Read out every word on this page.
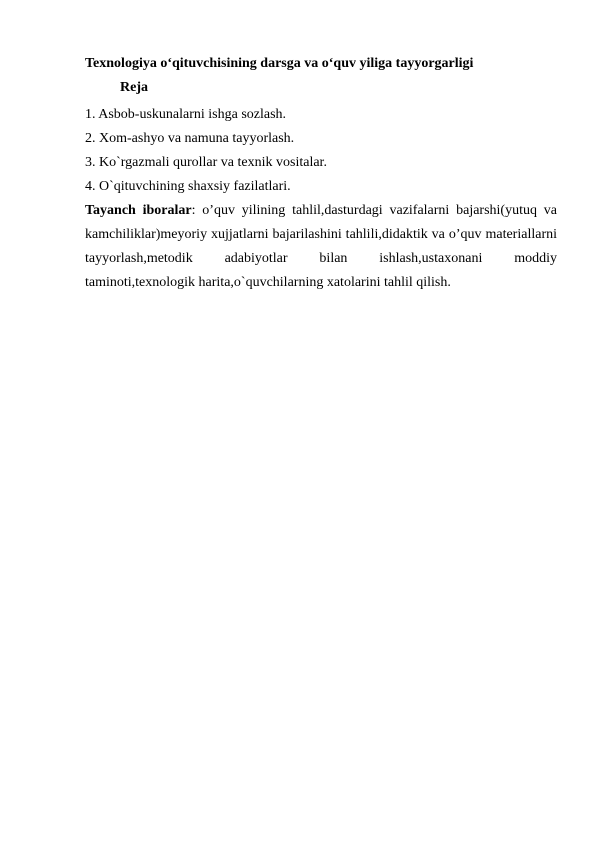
Texnologiya o‘qituvchisining darsga va o‘quv yiliga tayyorgarligi
Reja
1. Asbob-uskunalarni ishga sozlash.
2. Xom-ashyo va namuna tayyorlash.
3. Ko`rgazmali qurollar va texnik vositalar.
4. O`qituvchining shaxsiy fazilatlari.

Tayanch iboralar: o’quv yilining tahlil,dasturdagi vazifalarni bajarshi(yutuq va kamchiliklar)meyoriy xujjatlarni bajarilashini tahlili,didaktik va o’quv materiallarni tayyorlash,metodik adabiyotlar bilan ishlash,ustaxonani moddiy taminoti,texnologik harita,o`quvchilarning xatolarini tahlil qilish.
